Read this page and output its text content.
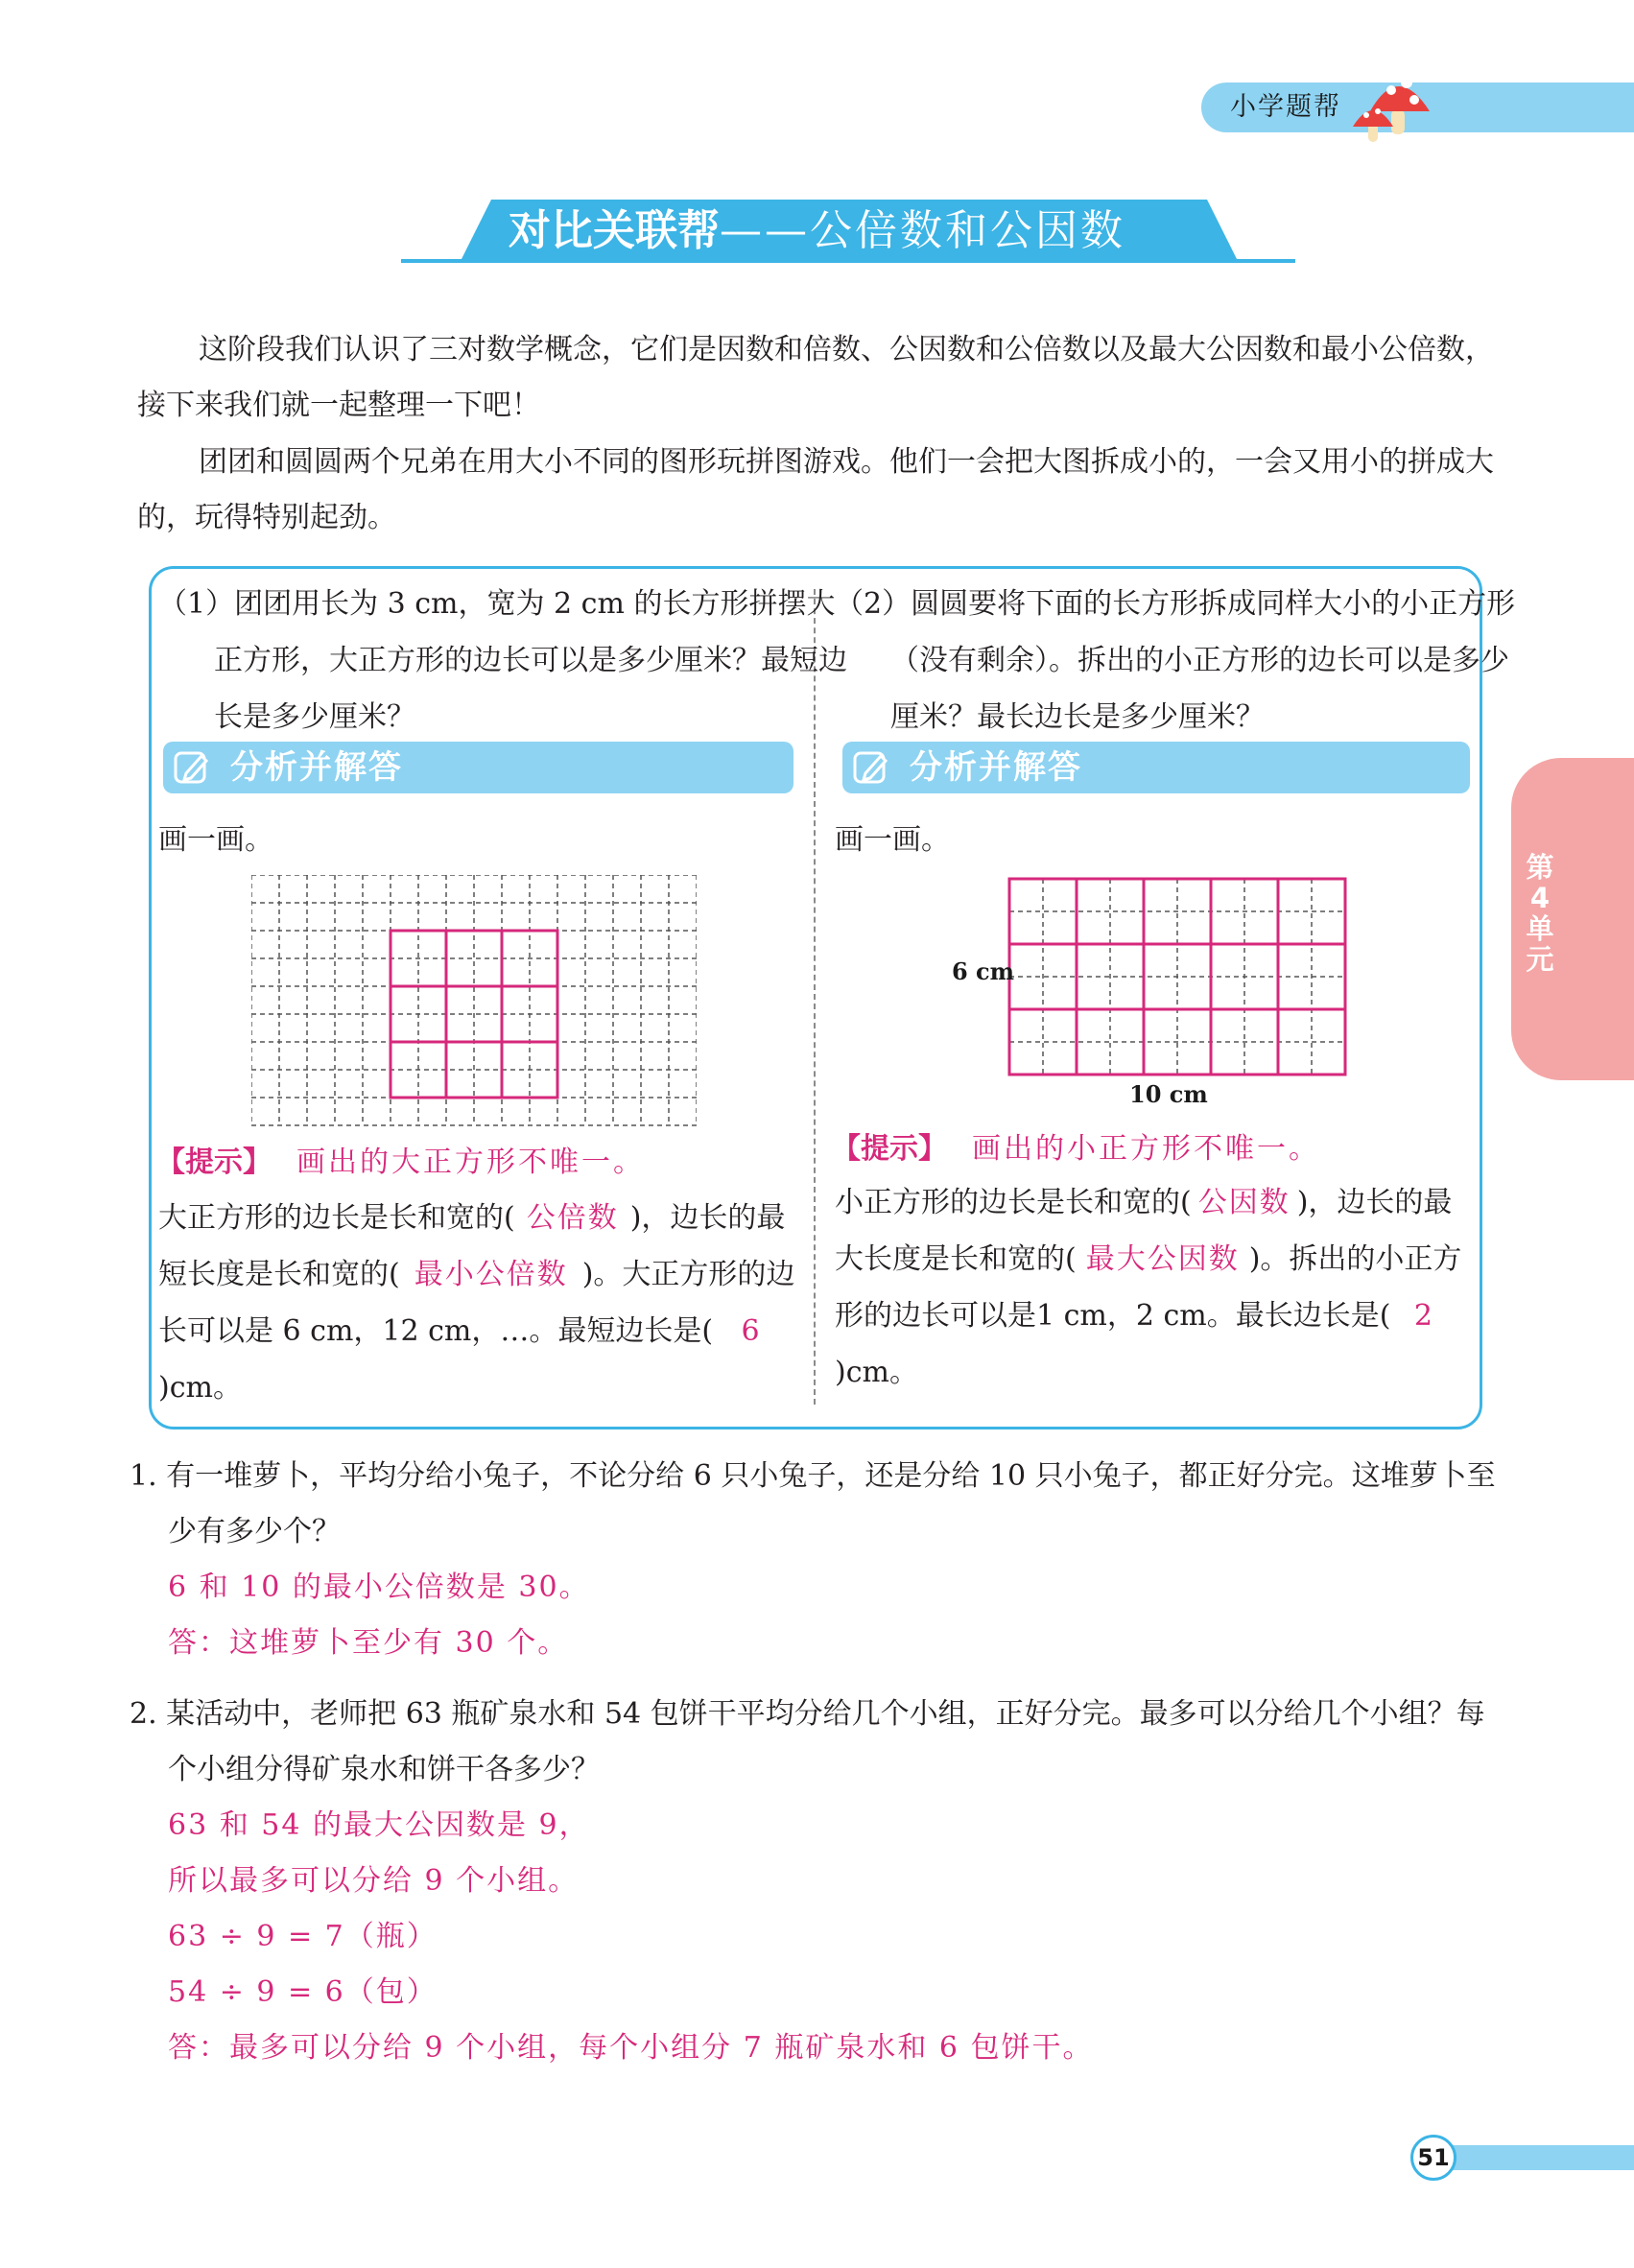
小学题帮
对比关联帮——公倍数和公因数
这阶段我们认识了三对数学概念，它们是因数和倍数、公因数和公倍数以及最大公因数和最小公倍数，接下来我们就一起整理一下吧！
团团和圆圆两个兄弟在用大小不同的图形玩拼图游戏。他们一会把大图拆成小的，一会又用小的拼成大的，玩得特别起劲。
（1）团团用长为 3 cm，宽为 2 cm 的长方形拼摆大正方形，大正方形的边长可以是多少厘米？最短边长是多少厘米？
（2）圆圆要将下面的长方形拆成同样大小的小正方形（没有剩余）。拆出的小正方形的边长可以是多少厘米？最长边长是多少厘米？
分析并解答	分析并解答
画一画。	画一画。
6 cm
10 cm
【提示】 画出的大正方形不唯一。	【提示】 画出的小正方形不唯一。
大正方形的边长是长和宽的( 公倍数 )，边长的最短长度是长和宽的( 最小公倍数 )。大正方形的边长可以是 6 cm，12 cm，…。最短边长是( 6)cm。
小正方形的边长是长和宽的( 公因数 )，边长的最大长度是长和宽的( 最大公因数 )。拆出的小正方形的边长可以是1 cm，2 cm。最长边长是( 2)cm。
1. 有一堆萝卜，平均分给小兔子，不论分给 6 只小兔子，还是分给 10 只小兔子，都正好分完。这堆萝卜至少有多少个？
6 和 10 的最小公倍数是 30。
答：这堆萝卜至少有 30 个。
2. 某活动中，老师把 63 瓶矿泉水和 54 包饼干平均分给几个小组，正好分完。最多可以分给几个小组？每个小组分得矿泉水和饼干各多少？
63 和 54 的最大公因数是 9，
所以最多可以分给 9 个小组。
63 ÷ 9 = 7（瓶）
54 ÷ 9 = 6（包）
答：最多可以分给 9 个小组，每个小组分 7 瓶矿泉水和 6 包饼干。
第4单元
51
